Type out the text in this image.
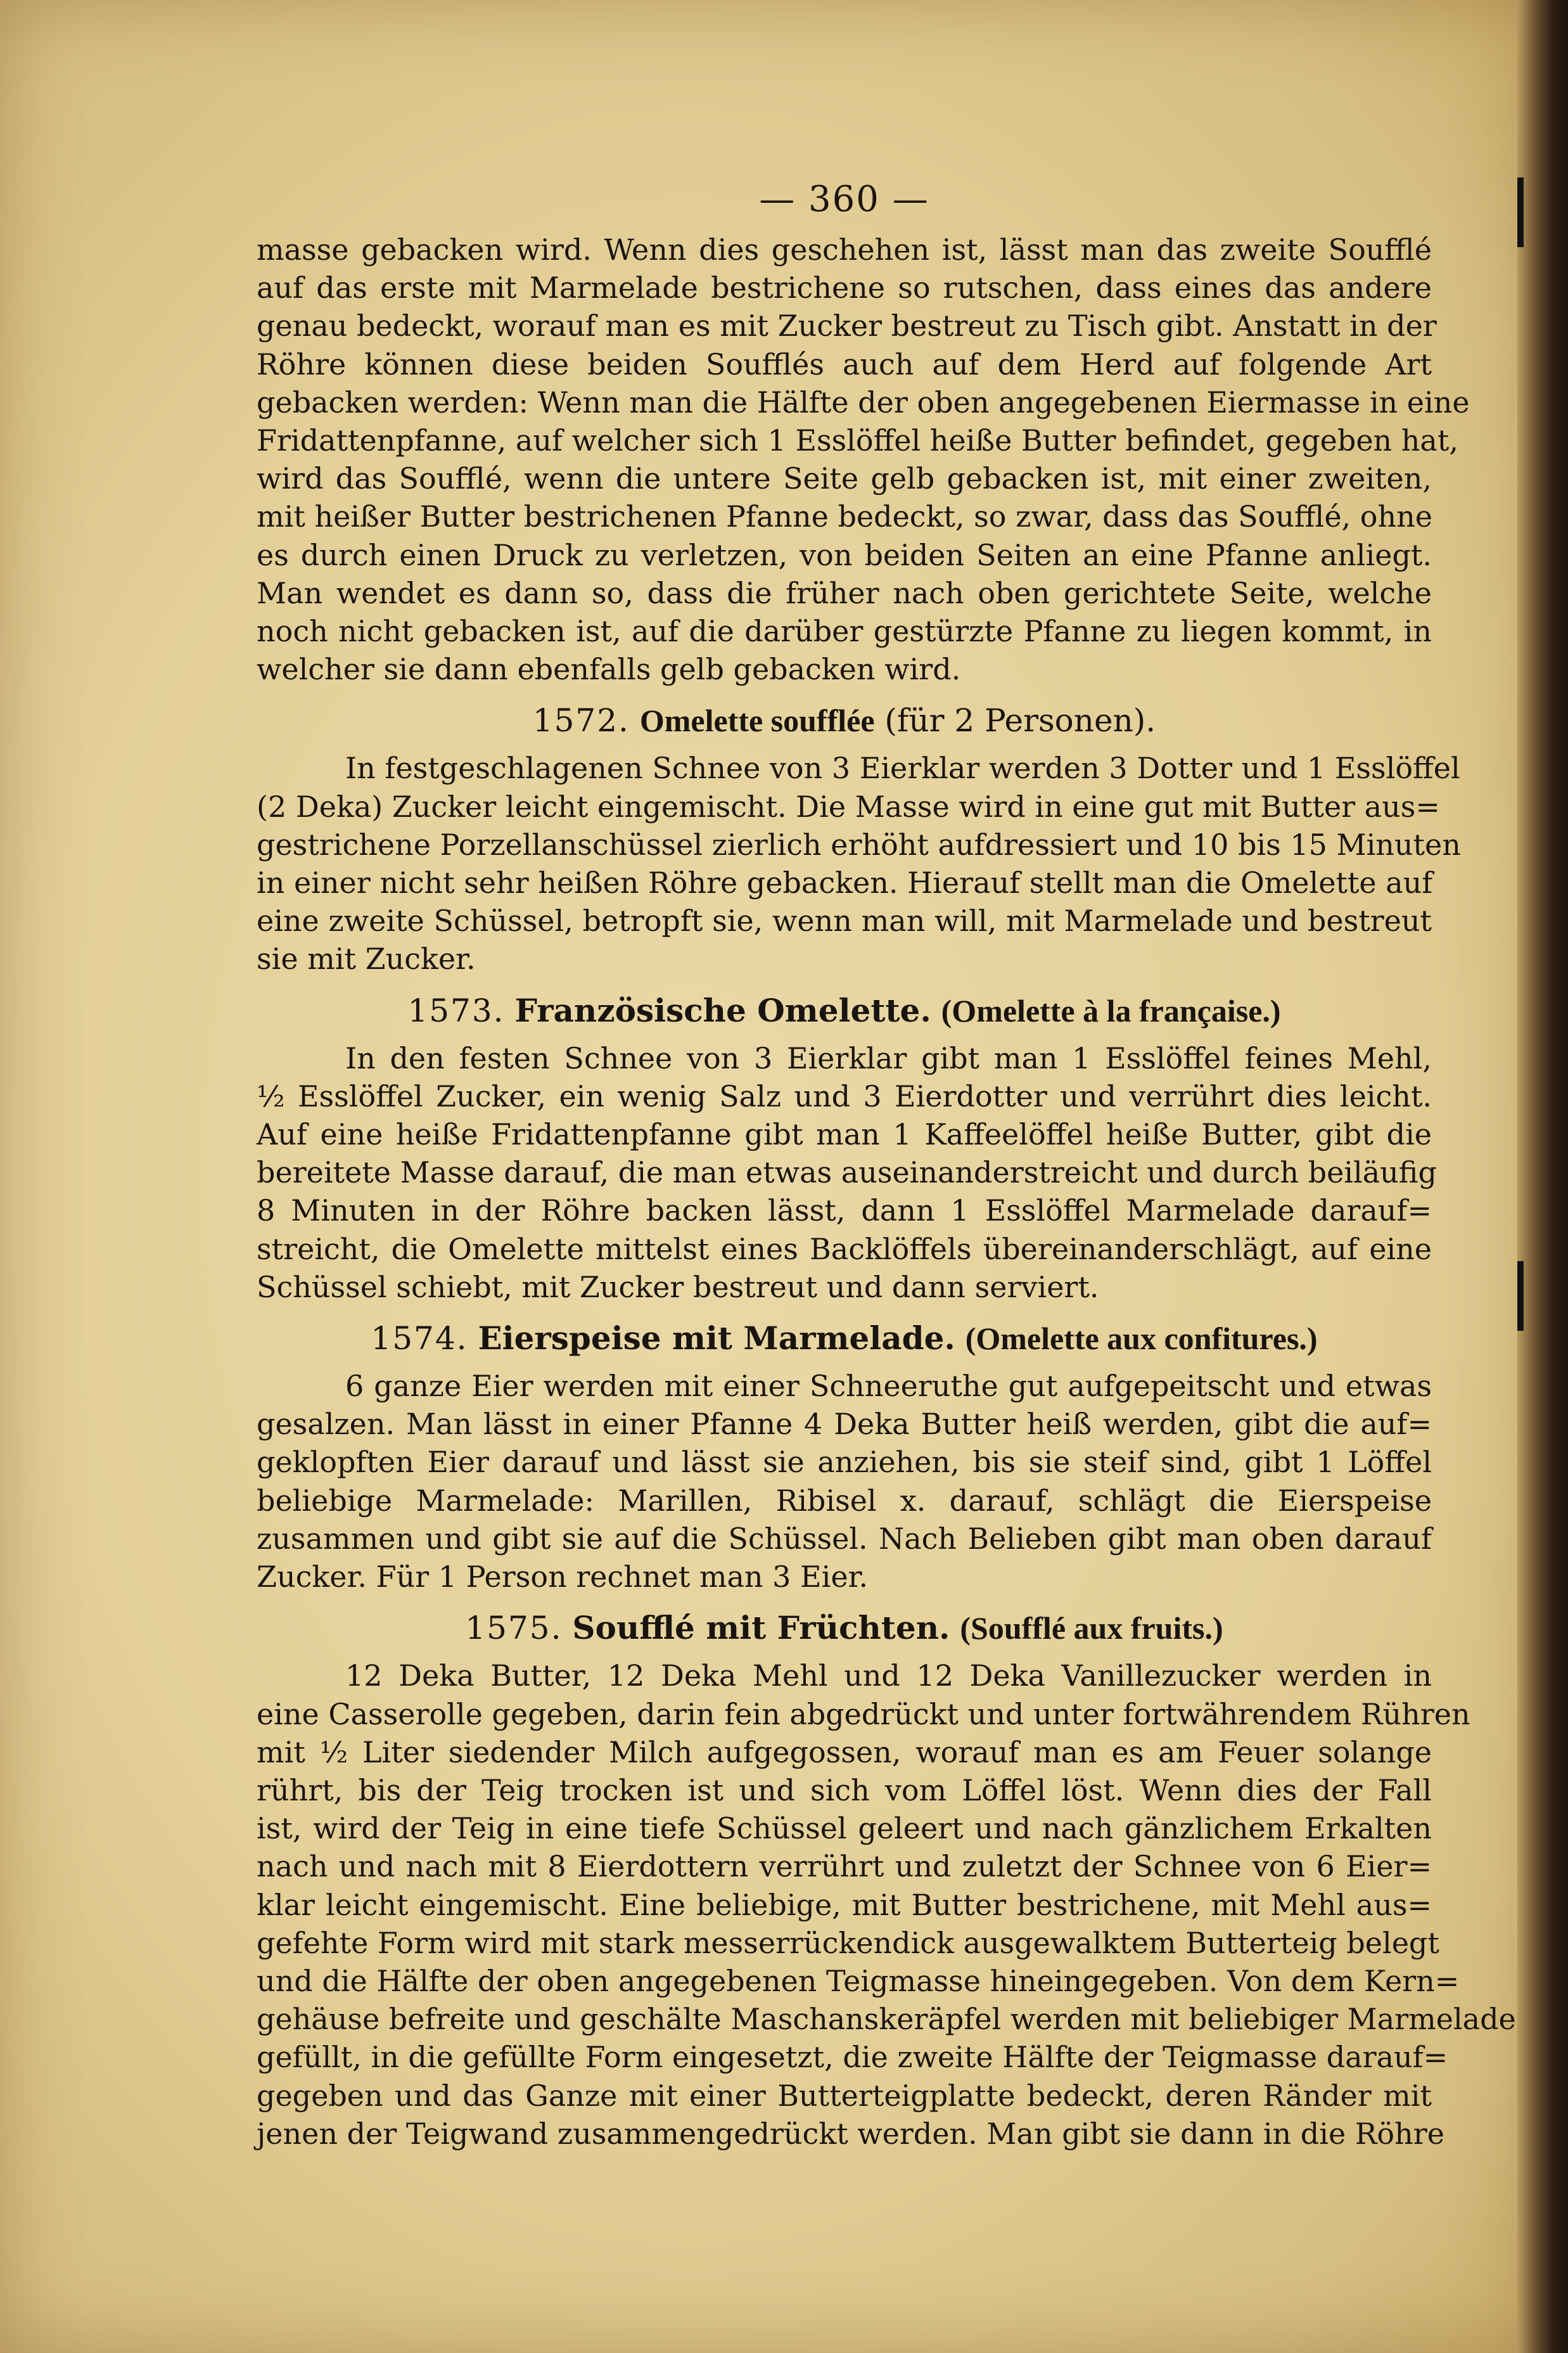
— 360 —
masse gebacken wird. Wenn dies geschehen ist, lässt man das zweite Soufflé
auf das erste mit Marmelade bestrichene so rutschen, dass eines das andere
genau bedeckt, worauf man es mit Zucker bestreut zu Tisch gibt. Anstatt in der
Röhre können diese beiden Soufflés auch auf dem Herd auf folgende Art
gebacken werden: Wenn man die Hälfte der oben angegebenen Eiermasse in eine
Fridattenpfanne, auf welcher sich 1 Esslöffel heiße Butter befindet, gegeben hat,
wird das Soufflé, wenn die untere Seite gelb gebacken ist, mit einer zweiten,
mit heißer Butter bestrichenen Pfanne bedeckt, so zwar, dass das Soufflé, ohne
es durch einen Druck zu verletzen, von beiden Seiten an eine Pfanne anliegt.
Man wendet es dann so, dass die früher nach oben gerichtete Seite, welche
noch nicht gebacken ist, auf die darüber gestürzte Pfanne zu liegen kommt, in
welcher sie dann ebenfalls gelb gebacken wird.
1572. Omelette soufflée (für 2 Personen).
In festgeschlagenen Schnee von 3 Eierklar werden 3 Dotter und 1 Esslöffel
(2 Deka) Zucker leicht eingemischt. Die Masse wird in eine gut mit Butter aus=
gestrichene Porzellanschüssel zierlich erhöht aufdressiert und 10 bis 15 Minuten
in einer nicht sehr heißen Röhre gebacken. Hierauf stellt man die Omelette auf
eine zweite Schüssel, betropft sie, wenn man will, mit Marmelade und bestreut
sie mit Zucker.
1573. Französische Omelette. (Omelette à la française.)
In den festen Schnee von 3 Eierklar gibt man 1 Esslöffel feines Mehl,
½ Esslöffel Zucker, ein wenig Salz und 3 Eierdotter und verrührt dies leicht.
Auf eine heiße Fridattenpfanne gibt man 1 Kaffeelöffel heiße Butter, gibt die
bereitete Masse darauf, die man etwas auseinanderstreicht und durch beiläufig
8 Minuten in der Röhre backen lässt, dann 1 Esslöffel Marmelade darauf=
streicht, die Omelette mittelst eines Backlöffels übereinanderschlägt, auf eine
Schüssel schiebt, mit Zucker bestreut und dann serviert.
1574. Eierspeise mit Marmelade. (Omelette aux confitures.)
6 ganze Eier werden mit einer Schneeruthe gut aufgepeitscht und etwas
gesalzen. Man lässt in einer Pfanne 4 Deka Butter heiß werden, gibt die auf=
geklopften Eier darauf und lässt sie anziehen, bis sie steif sind, gibt 1 Löffel
beliebige Marmelade: Marillen, Ribisel x. darauf, schlägt die Eierspeise
zusammen und gibt sie auf die Schüssel. Nach Belieben gibt man oben darauf
Zucker. Für 1 Person rechnet man 3 Eier.
1575. Soufflé mit Früchten. (Soufflé aux fruits.)
12 Deka Butter, 12 Deka Mehl und 12 Deka Vanillezucker werden in
eine Casserolle gegeben, darin fein abgedrückt und unter fortwährendem Rühren
mit ½ Liter siedender Milch aufgegossen, worauf man es am Feuer solange
rührt, bis der Teig trocken ist und sich vom Löffel löst. Wenn dies der Fall
ist, wird der Teig in eine tiefe Schüssel geleert und nach gänzlichem Erkalten
nach und nach mit 8 Eierdottern verrührt und zuletzt der Schnee von 6 Eier=
klar leicht eingemischt. Eine beliebige, mit Butter bestrichene, mit Mehl aus=
gefehte Form wird mit stark messerrückendick ausgewalktem Butterteig belegt
und die Hälfte der oben angegebenen Teigmasse hineingegeben. Von dem Kern=
gehäuse befreite und geschälte Maschanskeräpfel werden mit beliebiger Marmelade
gefüllt, in die gefüllte Form eingesetzt, die zweite Hälfte der Teigmasse darauf=
gegeben und das Ganze mit einer Butterteigplatte bedeckt, deren Ränder mit
jenen der Teigwand zusammengedrückt werden. Man gibt sie dann in die Röhre
